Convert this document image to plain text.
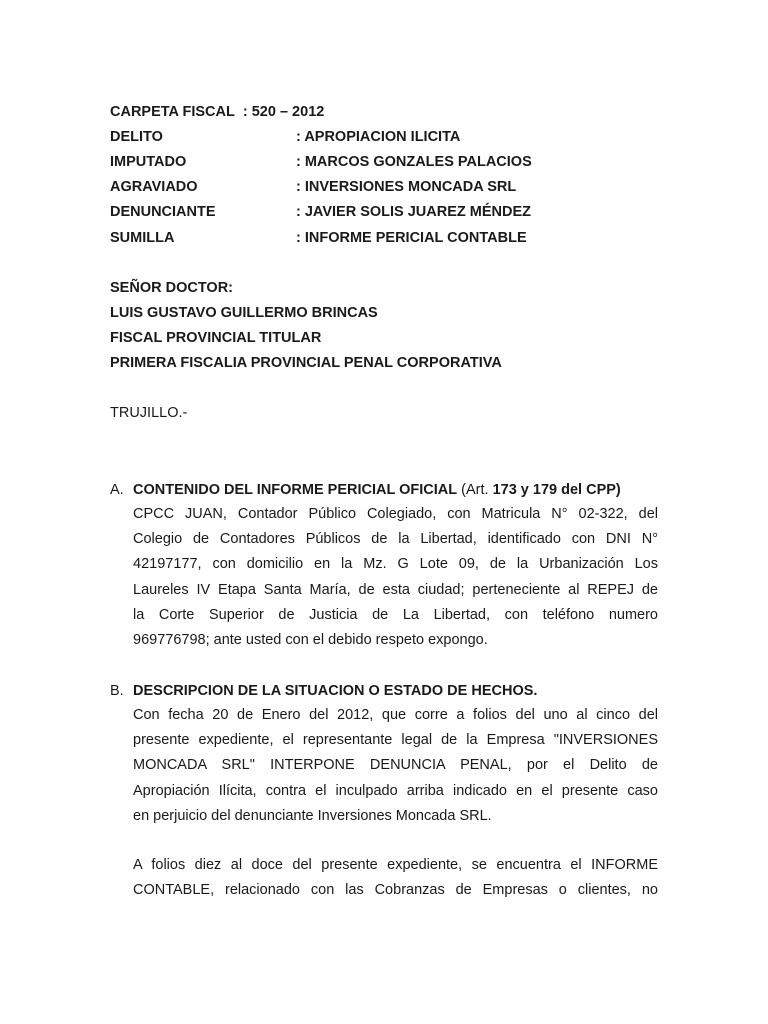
CARPETA FISCAL : 520 – 2012
DELITO	: APROPIACION ILICITA
IMPUTADO	: MARCOS GONZALES PALACIOS
AGRAVIADO	: INVERSIONES MONCADA SRL
DENUNCIANTE	: JAVIER SOLIS JUAREZ MÉNDEZ
SUMILLA	: INFORME PERICIAL CONTABLE
SEÑOR DOCTOR:
LUIS GUSTAVO GUILLERMO BRINCAS
FISCAL PROVINCIAL TITULAR
PRIMERA FISCALIA PROVINCIAL PENAL CORPORATIVA
TRUJILLO.-
A. CONTENIDO DEL INFORME PERICIAL OFICIAL (Art. 173 y 179 del CPP)
CPCC JUAN, Contador Público Colegiado, con Matricula N° 02-322, del
Colegio de Contadores Públicos de la Libertad, identificado con DNI N°
42197177, con domicilio en la Mz. G Lote 09, de la Urbanización Los
Laureles IV Etapa Santa María, de esta ciudad; perteneciente al REPEJ de
la Corte Superior de Justicia de La Libertad, con teléfono numero
969776798; ante usted con el debido respeto expongo.
B. DESCRIPCION DE LA SITUACION O ESTADO DE HECHOS.
Con fecha 20 de Enero del 2012, que corre a folios del uno al cinco del
presente expediente, el representante legal de la Empresa "INVERSIONES
MONCADA SRL" INTERPONE DENUNCIA PENAL, por el Delito de
Apropiación Ilícita, contra el inculpado arriba indicado en el presente caso
en perjuicio del denunciante Inversiones Moncada SRL.
A folios diez al doce del presente expediente, se encuentra el INFORME
CONTABLE, relacionado con las Cobranzas de Empresas o clientes, no
